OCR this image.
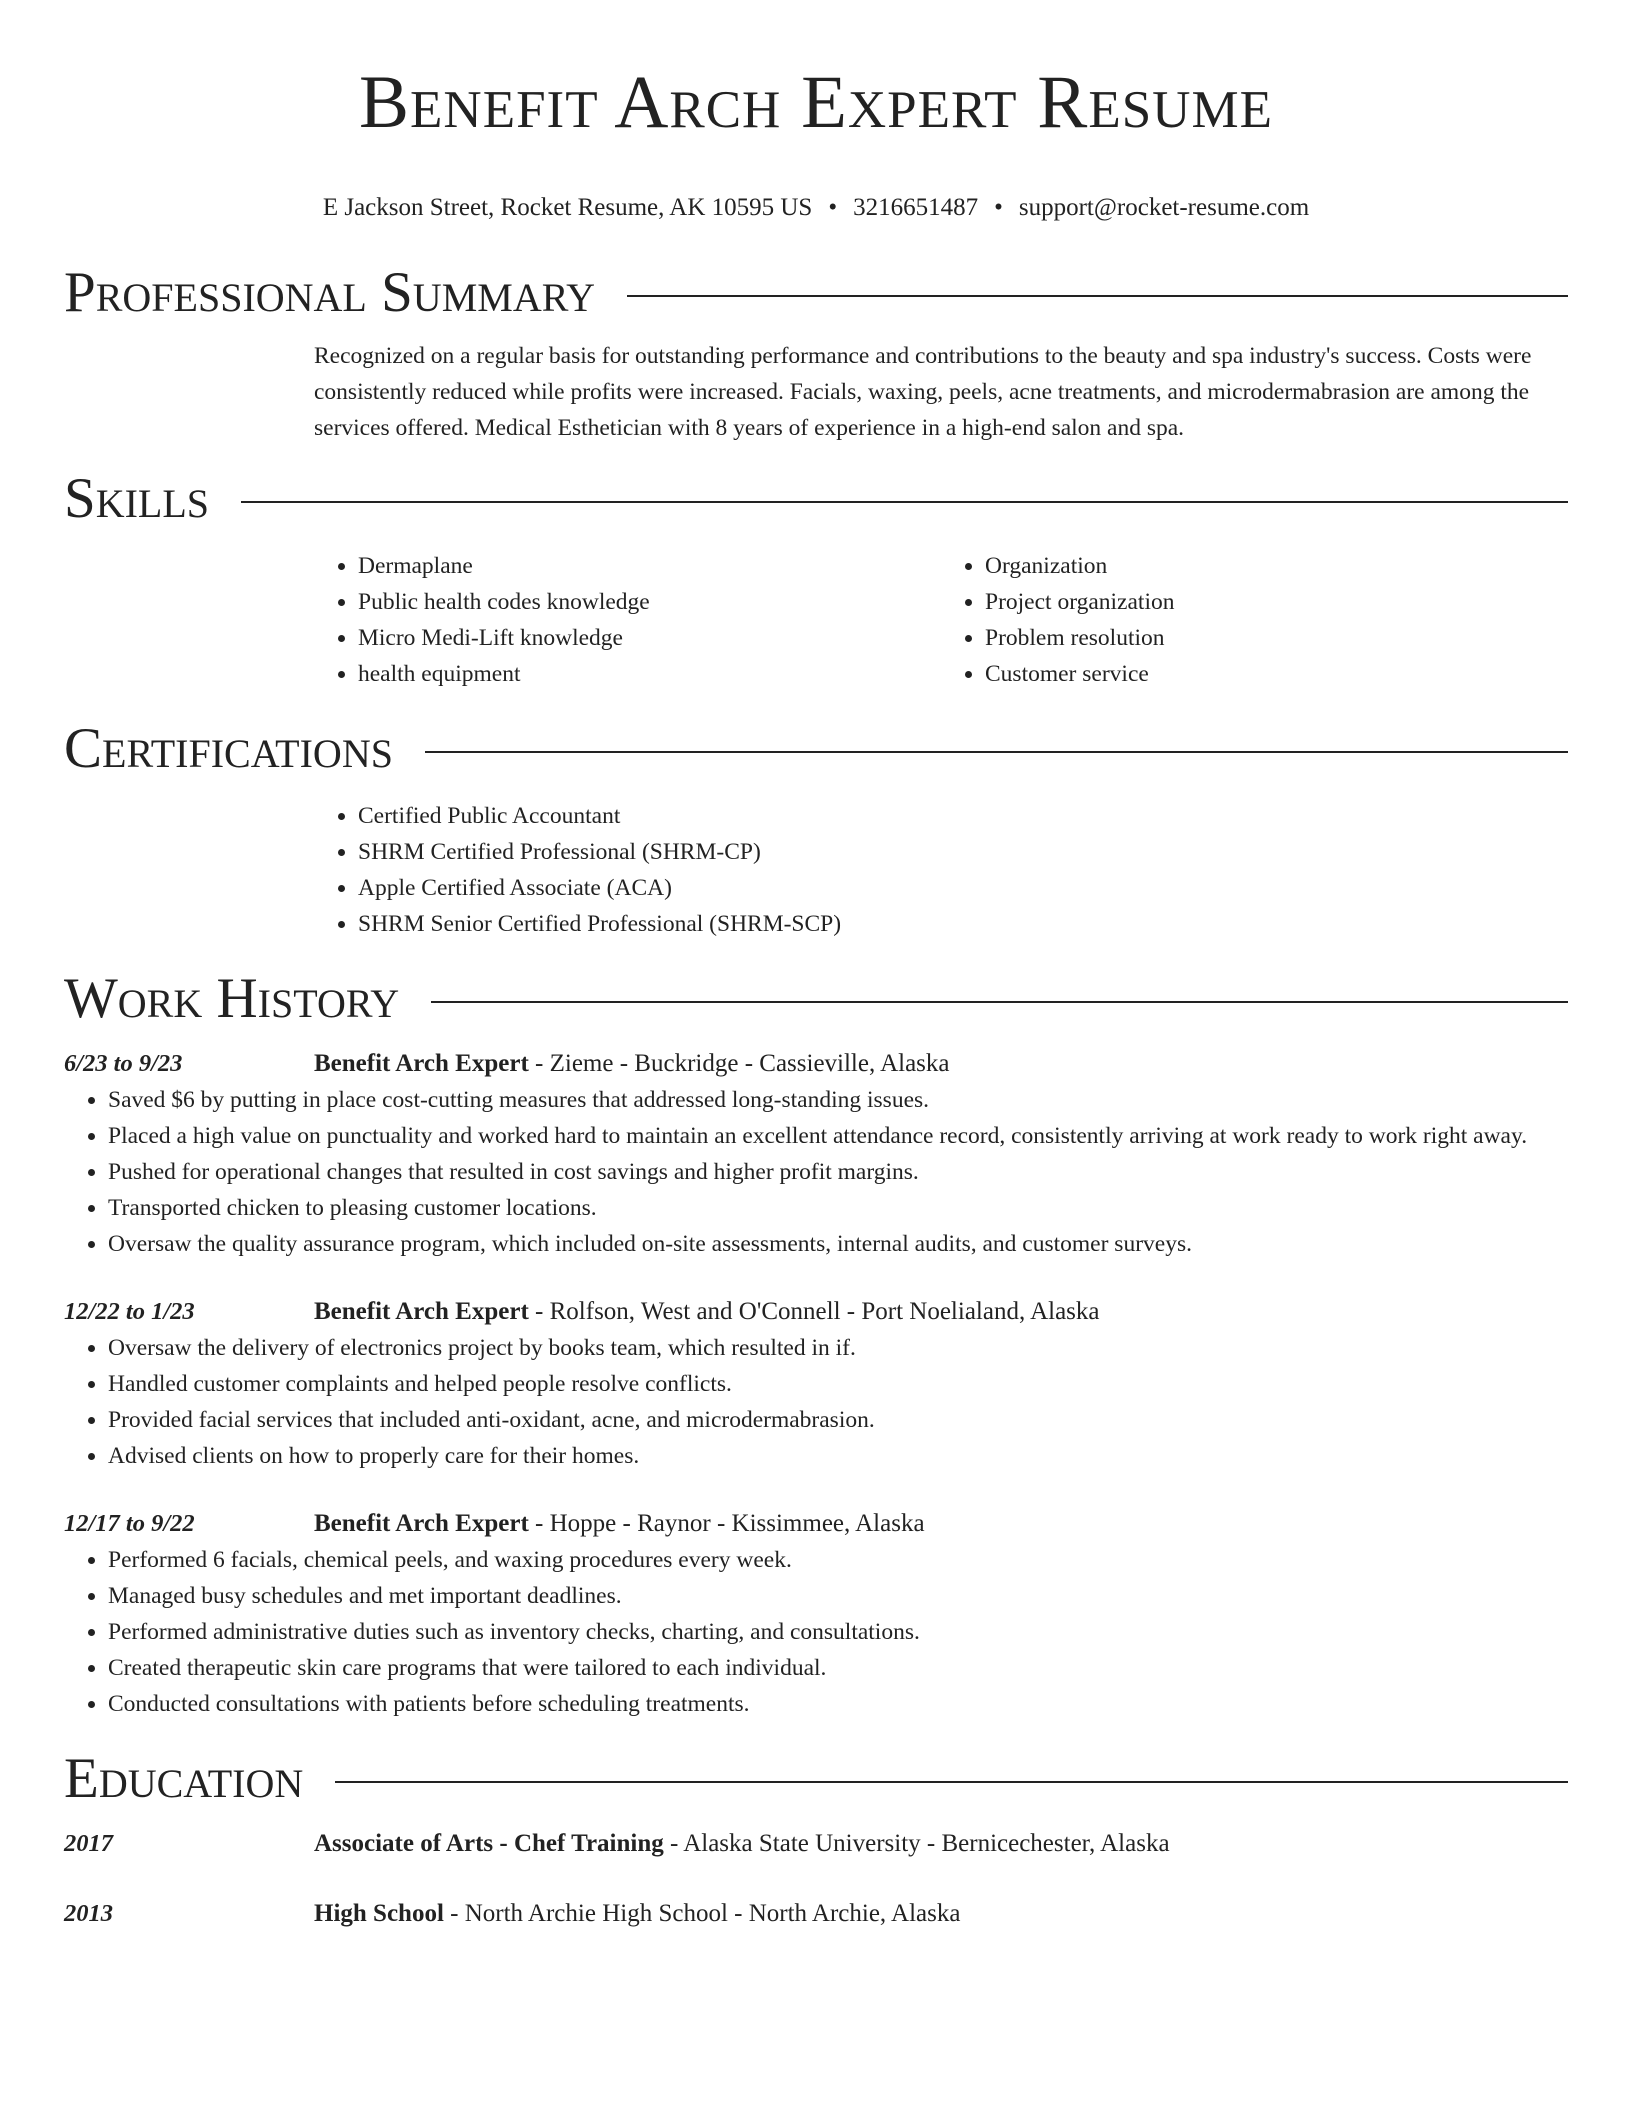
Benefit Arch Expert Resume
E Jackson Street, Rocket Resume, AK 10595 US • 3216651487 • support@rocket-resume.com
Professional Summary

Recognized on a regular basis for outstanding performance and contributions to the beauty and spa industry's success. Costs were consistently reduced while profits were increased. Facials, waxing, peels, acne treatments, and microdermabrasion are among the services offered. Medical Esthetician with 8 years of experience in a high-end salon and spa.

Skills
• Dermaplane
• Public health codes knowledge
• Micro Medi-Lift knowledge
• health equipment
• Organization
• Project organization
• Problem resolution
• Customer service
Certifications
• Certified Public Accountant
• SHRM Certified Professional (SHRM-CP)
• Apple Certified Associate (ACA)
• SHRM Senior Certified Professional (SHRM-SCP)
Work History
6/23 to 9/23	Benefit Arch Expert - Zieme - Buckridge - Cassieville, Alaska
• Saved $6 by putting in place cost-cutting measures that addressed long-standing issues.
• Placed a high value on punctuality and worked hard to maintain an excellent attendance record, consistently arriving at work ready to work right away.
• Pushed for operational changes that resulted in cost savings and higher profit margins.
• Transported chicken to pleasing customer locations.
• Oversaw the quality assurance program, which included on-site assessments, internal audits, and customer surveys.
12/22 to 1/23	Benefit Arch Expert - Rolfson, West and O'Connell - Port Noelialand, Alaska
• Oversaw the delivery of electronics project by books team, which resulted in if.
• Handled customer complaints and helped people resolve conflicts.
• Provided facial services that included anti-oxidant, acne, and microdermabrasion.
• Advised clients on how to properly care for their homes.
12/17 to 9/22	Benefit Arch Expert - Hoppe - Raynor - Kissimmee, Alaska
• Performed 6 facials, chemical peels, and waxing procedures every week.
• Managed busy schedules and met important deadlines.
• Performed administrative duties such as inventory checks, charting, and consultations.
• Created therapeutic skin care programs that were tailored to each individual.
• Conducted consultations with patients before scheduling treatments.
Education
2017	Associate of Arts - Chef Training - Alaska State University - Bernicechester, Alaska
2013	High School - North Archie High School - North Archie, Alaska
